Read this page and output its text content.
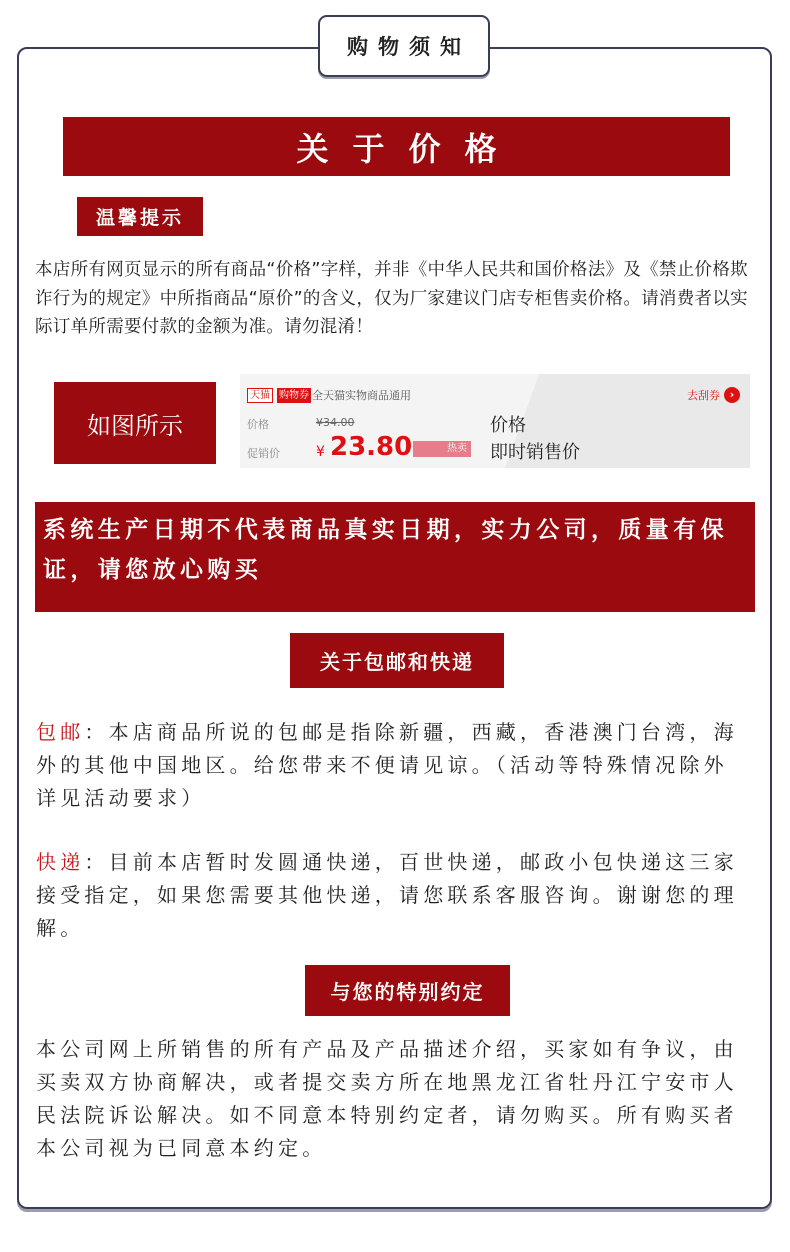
购物须知
关于价格
温馨提示

本店所有网页显示的所有商品“价格”字样，并非《中华人民共和国价格法》及《禁止价格欺诈行为的规定》中所指商品“原价”的含义，仅为厂家建议门店专柜售卖价格。请消费者以实际订单所需要付款的金额为准。请勿混淆！

如图所示
天猫 购物券 全天猫实物商品通用	去刮券 ›
价格	¥34.00
促销价	¥ 23.80	热卖
价格
即时销售价
系统生产日期不代表商品真实日期，实力公司，质量有保证，请您放心购买
关于包邮和快递

包邮：本店商品所说的包邮是指除新疆，西藏，香港澳门台湾，海外的其他中国地区。给您带来不便请见谅。（活动等特殊情况除外详见活动要求）

快递：目前本店暂时发圆通快递，百世快递，邮政小包快递这三家接受指定，如果您需要其他快递，请您联系客服咨询。谢谢您的理解。

与您的特别约定

本公司网上所销售的所有产品及产品描述介绍，买家如有争议，由买卖双方协商解决，或者提交卖方所在地黑龙江省牡丹江宁安市人民法院诉讼解决。如不同意本特别约定者，请勿购买。所有购买者本公司视为已同意本约定。
